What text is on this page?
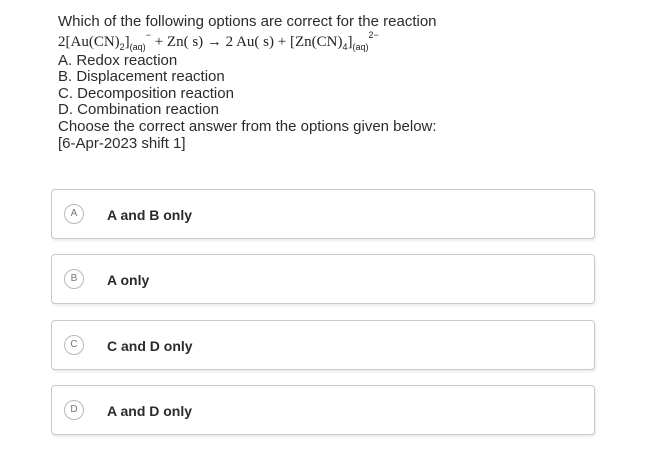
Which of the following options are correct for the reaction
$2[Au(CN)_2]_{(aq)}^- + Zn$( s) → 2 Au( $s) + [Zn(CN)_4]_{(aq)}^{2-}$
A. Redox reaction
B. Displacement reaction
C. Decomposition reaction
D. Combination reaction
Choose the correct answer from the options given below:
[6-Apr-2023 shift 1]
A	A and B only
B	A only
C	C and D only
D	A and D only
